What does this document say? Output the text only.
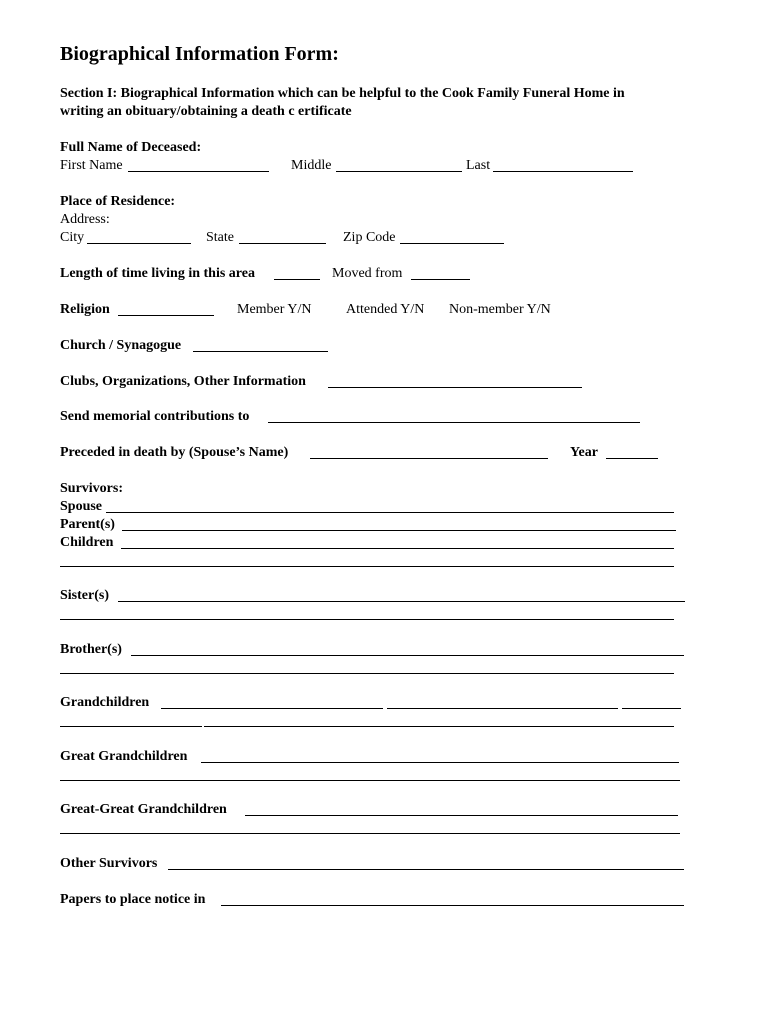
Biographical Information Form:
Section I: Biographical Information which can be helpful to the Cook Family Funeral Home in
writing an obituary/obtaining a death c ertificate
Full Name of Deceased:
First Name	Middle	Last
Place of Residence:
Address:
City	State	Zip Code
Length of time living in this area	Moved from
Religion	Member Y/N Attended Y/N Non-member Y/N
Church / Synagogue
Clubs, Organizations, Other Information
Send memorial contributions to
Preceded in death by (Spouse’s Name)	Year
Survivors:
Spouse
Parent(s)
Children
Sister(s)
Brother(s)
Grandchildren
Great Grandchildren
Great-Great Grandchildren
Other Survivors
Papers to place notice in
